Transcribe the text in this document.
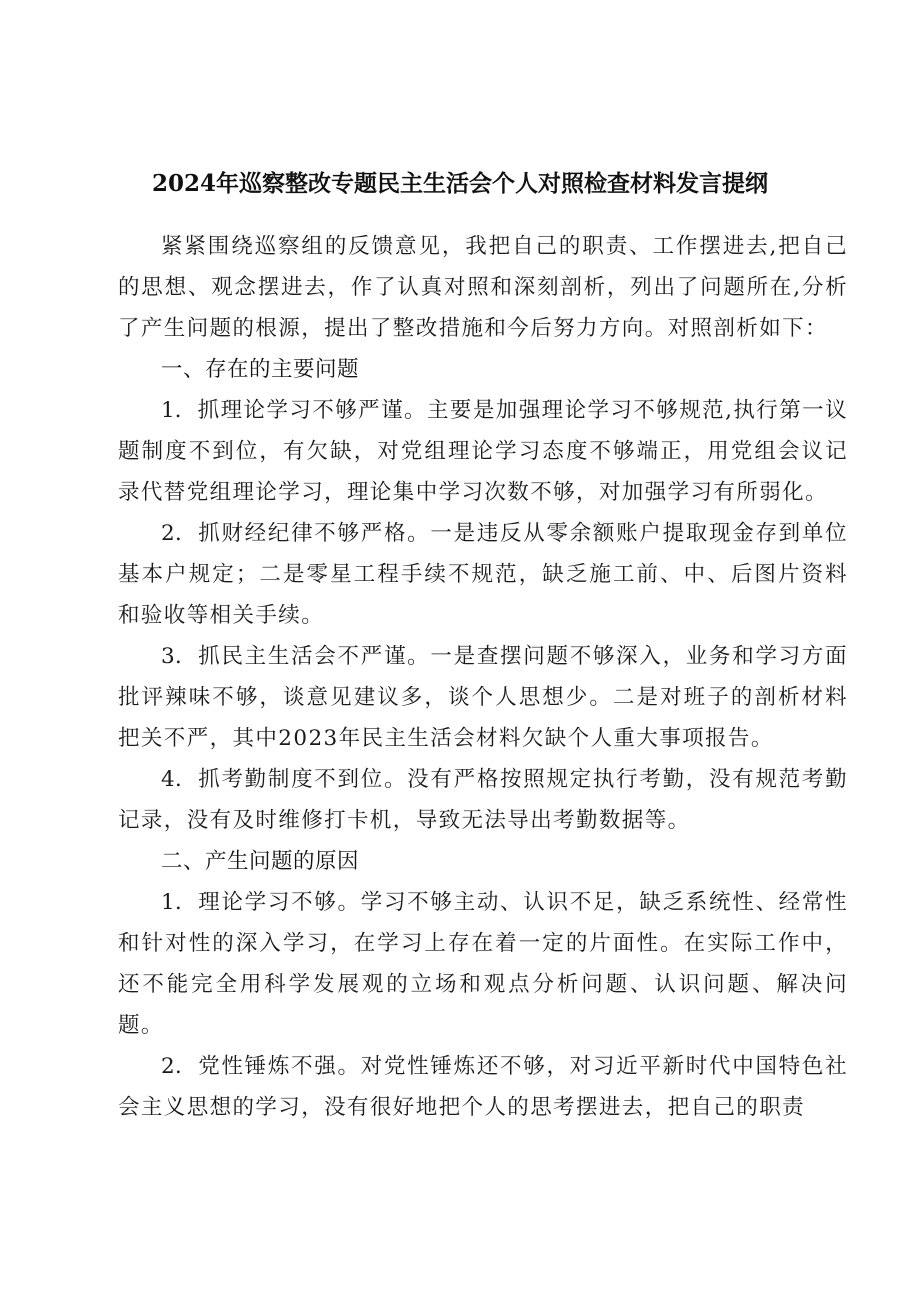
2024年巡察整改专题民主生活会个人对照检查材料发言提纲

紧紧围绕巡察组的反馈意见，我把自己的职责、工作摆进去,把自己的思想、观念摆进去，作了认真对照和深刻剖析，列出了问题所在,分析了产生问题的根源，提出了整改措施和今后努力方向。对照剖析如下：

一、存在的主要问题

1．抓理论学习不够严谨。主要是加强理论学习不够规范,执行第一议题制度不到位，有欠缺，对党组理论学习态度不够端正，用党组会议记录代替党组理论学习，理论集中学习次数不够，对加强学习有所弱化。

2．抓财经纪律不够严格。一是违反从零余额账户提取现金存到单位基本户规定；二是零星工程手续不规范，缺乏施工前、中、后图片资料和验收等相关手续。

3．抓民主生活会不严谨。一是查摆问题不够深入，业务和学习方面批评辣味不够，谈意见建议多，谈个人思想少。二是对班子的剖析材料把关不严，其中2023年民主生活会材料欠缺个人重大事项报告。

4．抓考勤制度不到位。没有严格按照规定执行考勤，没有规范考勤记录，没有及时维修打卡机，导致无法导出考勤数据等。

二、产生问题的原因

1．理论学习不够。学习不够主动、认识不足，缺乏系统性、经常性和针对性的深入学习，在学习上存在着一定的片面性。在实际工作中，还不能完全用科学发展观的立场和观点分析问题、认识问题、解决问题。

2．党性锤炼不强。对党性锤炼还不够，对习近平新时代中国特色社会主义思想的学习，没有很好地把个人的思考摆进去，把自己的职责
